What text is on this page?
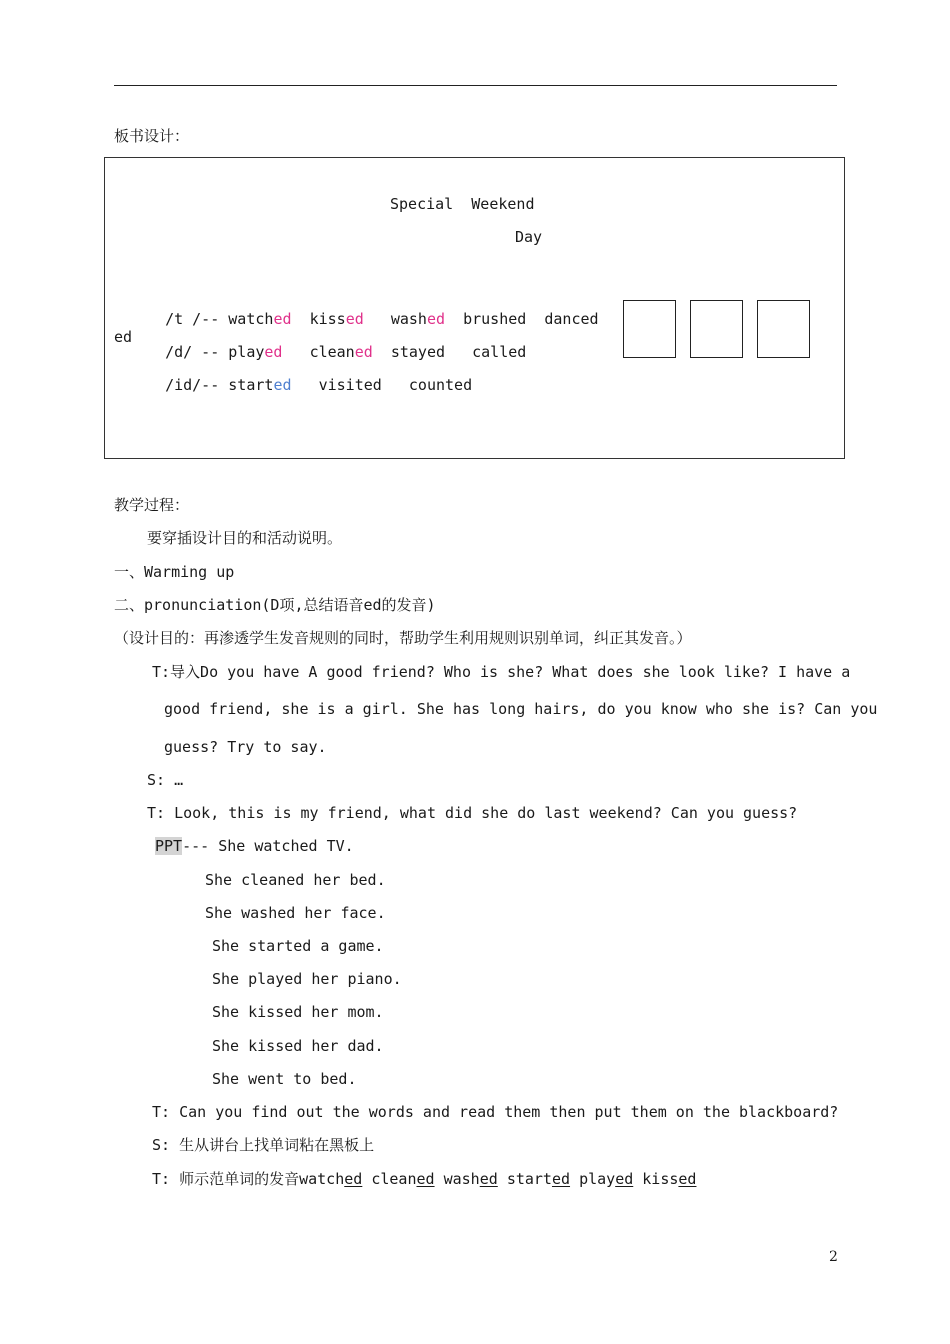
板书设计：
Special  Weekend
Day

/t /-- watched kissed washed brushed danced

ed

/d/ -- played cleaned stayed called

/id/-- started visited counted

教学过程：
要穿插设计目的和活动说明。
一、Warming up
二、pronunciation(D项,总结语音ed的发音)
（设计目的：再渗透学生发音规则的同时，帮助学生利用规则识别单词，纠正其发音。）
T:导入Do you have A good friend? Who is she? What does she look like? I have a
good friend, she is a girl. She has long hairs, do you know who she is? Can you
guess? Try to say.
S: …
T: Look, this is my friend, what did she do last weekend? Can you guess?
PPT--- She watched TV.
She cleaned her bed.
She washed her face.
She started a game.
She played her piano.
She kissed her mom.
She kissed her dad.
She went to bed.
T: Can you find out the words and read them then put them on the blackboard?
S: 生从讲台上找单词粘在黑板上
T: 师示范单词的发音watched cleaned washed started played kissed
2
